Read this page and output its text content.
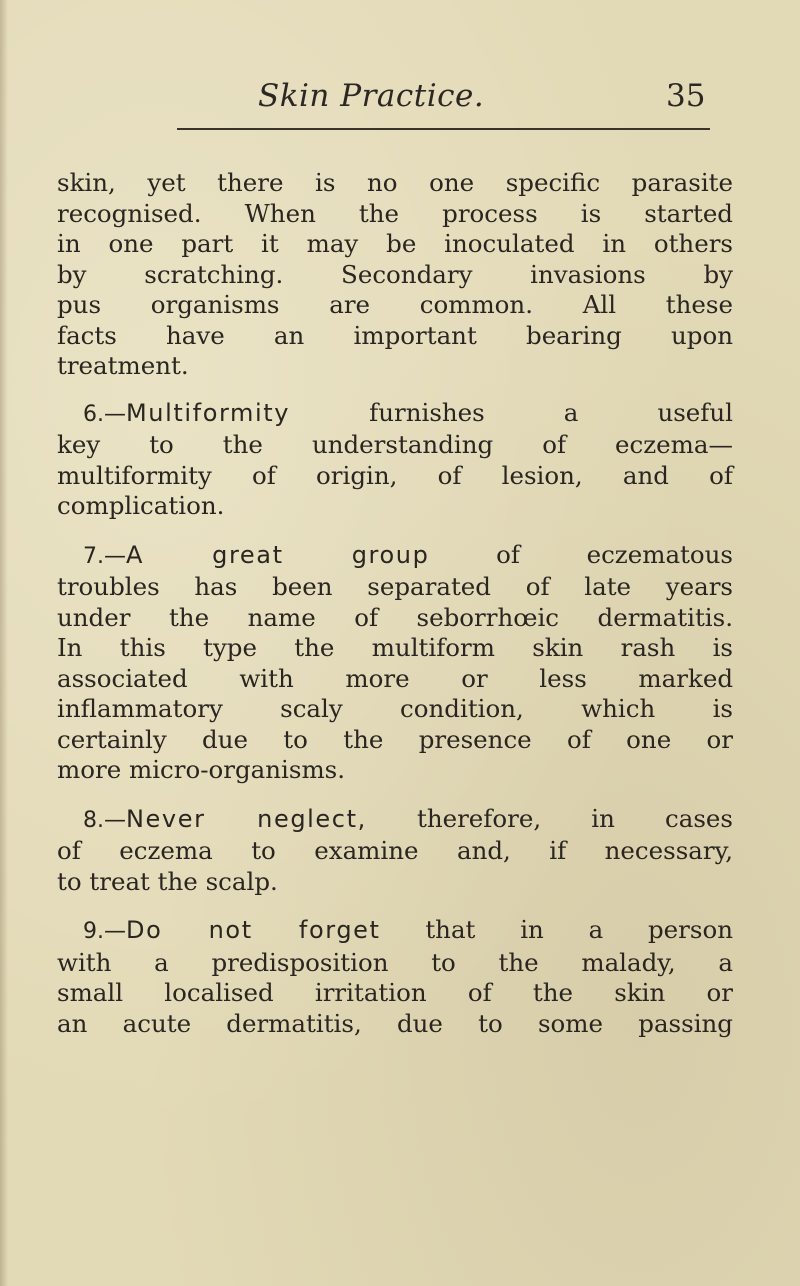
Skin Practice.	35

skin, yet there is no one specific parasite
recognised. When the process is started
in one part it may be inoculated in others
by scratching. Secondary invasions by
pus organisms are common. All these
facts have an important bearing upon
treatment.

6.—Multiformity furnishes a useful
key to the understanding of eczema—
multiformity of origin, of lesion, and of
complication.

7.—A great group of eczematous
troubles has been separated of late years
under the name of seborrhœic dermatitis.
In this type the multiform skin rash is
associated with more or less marked
inflammatory scaly condition, which is
certainly due to the presence of one or
more micro-organisms.

8.—Never neglect, therefore, in cases
of eczema to examine and, if necessary,
to treat the scalp.

9.—Do not forget that in a person
with a predisposition to the malady, a
small localised irritation of the skin or
an acute dermatitis, due to some passing
